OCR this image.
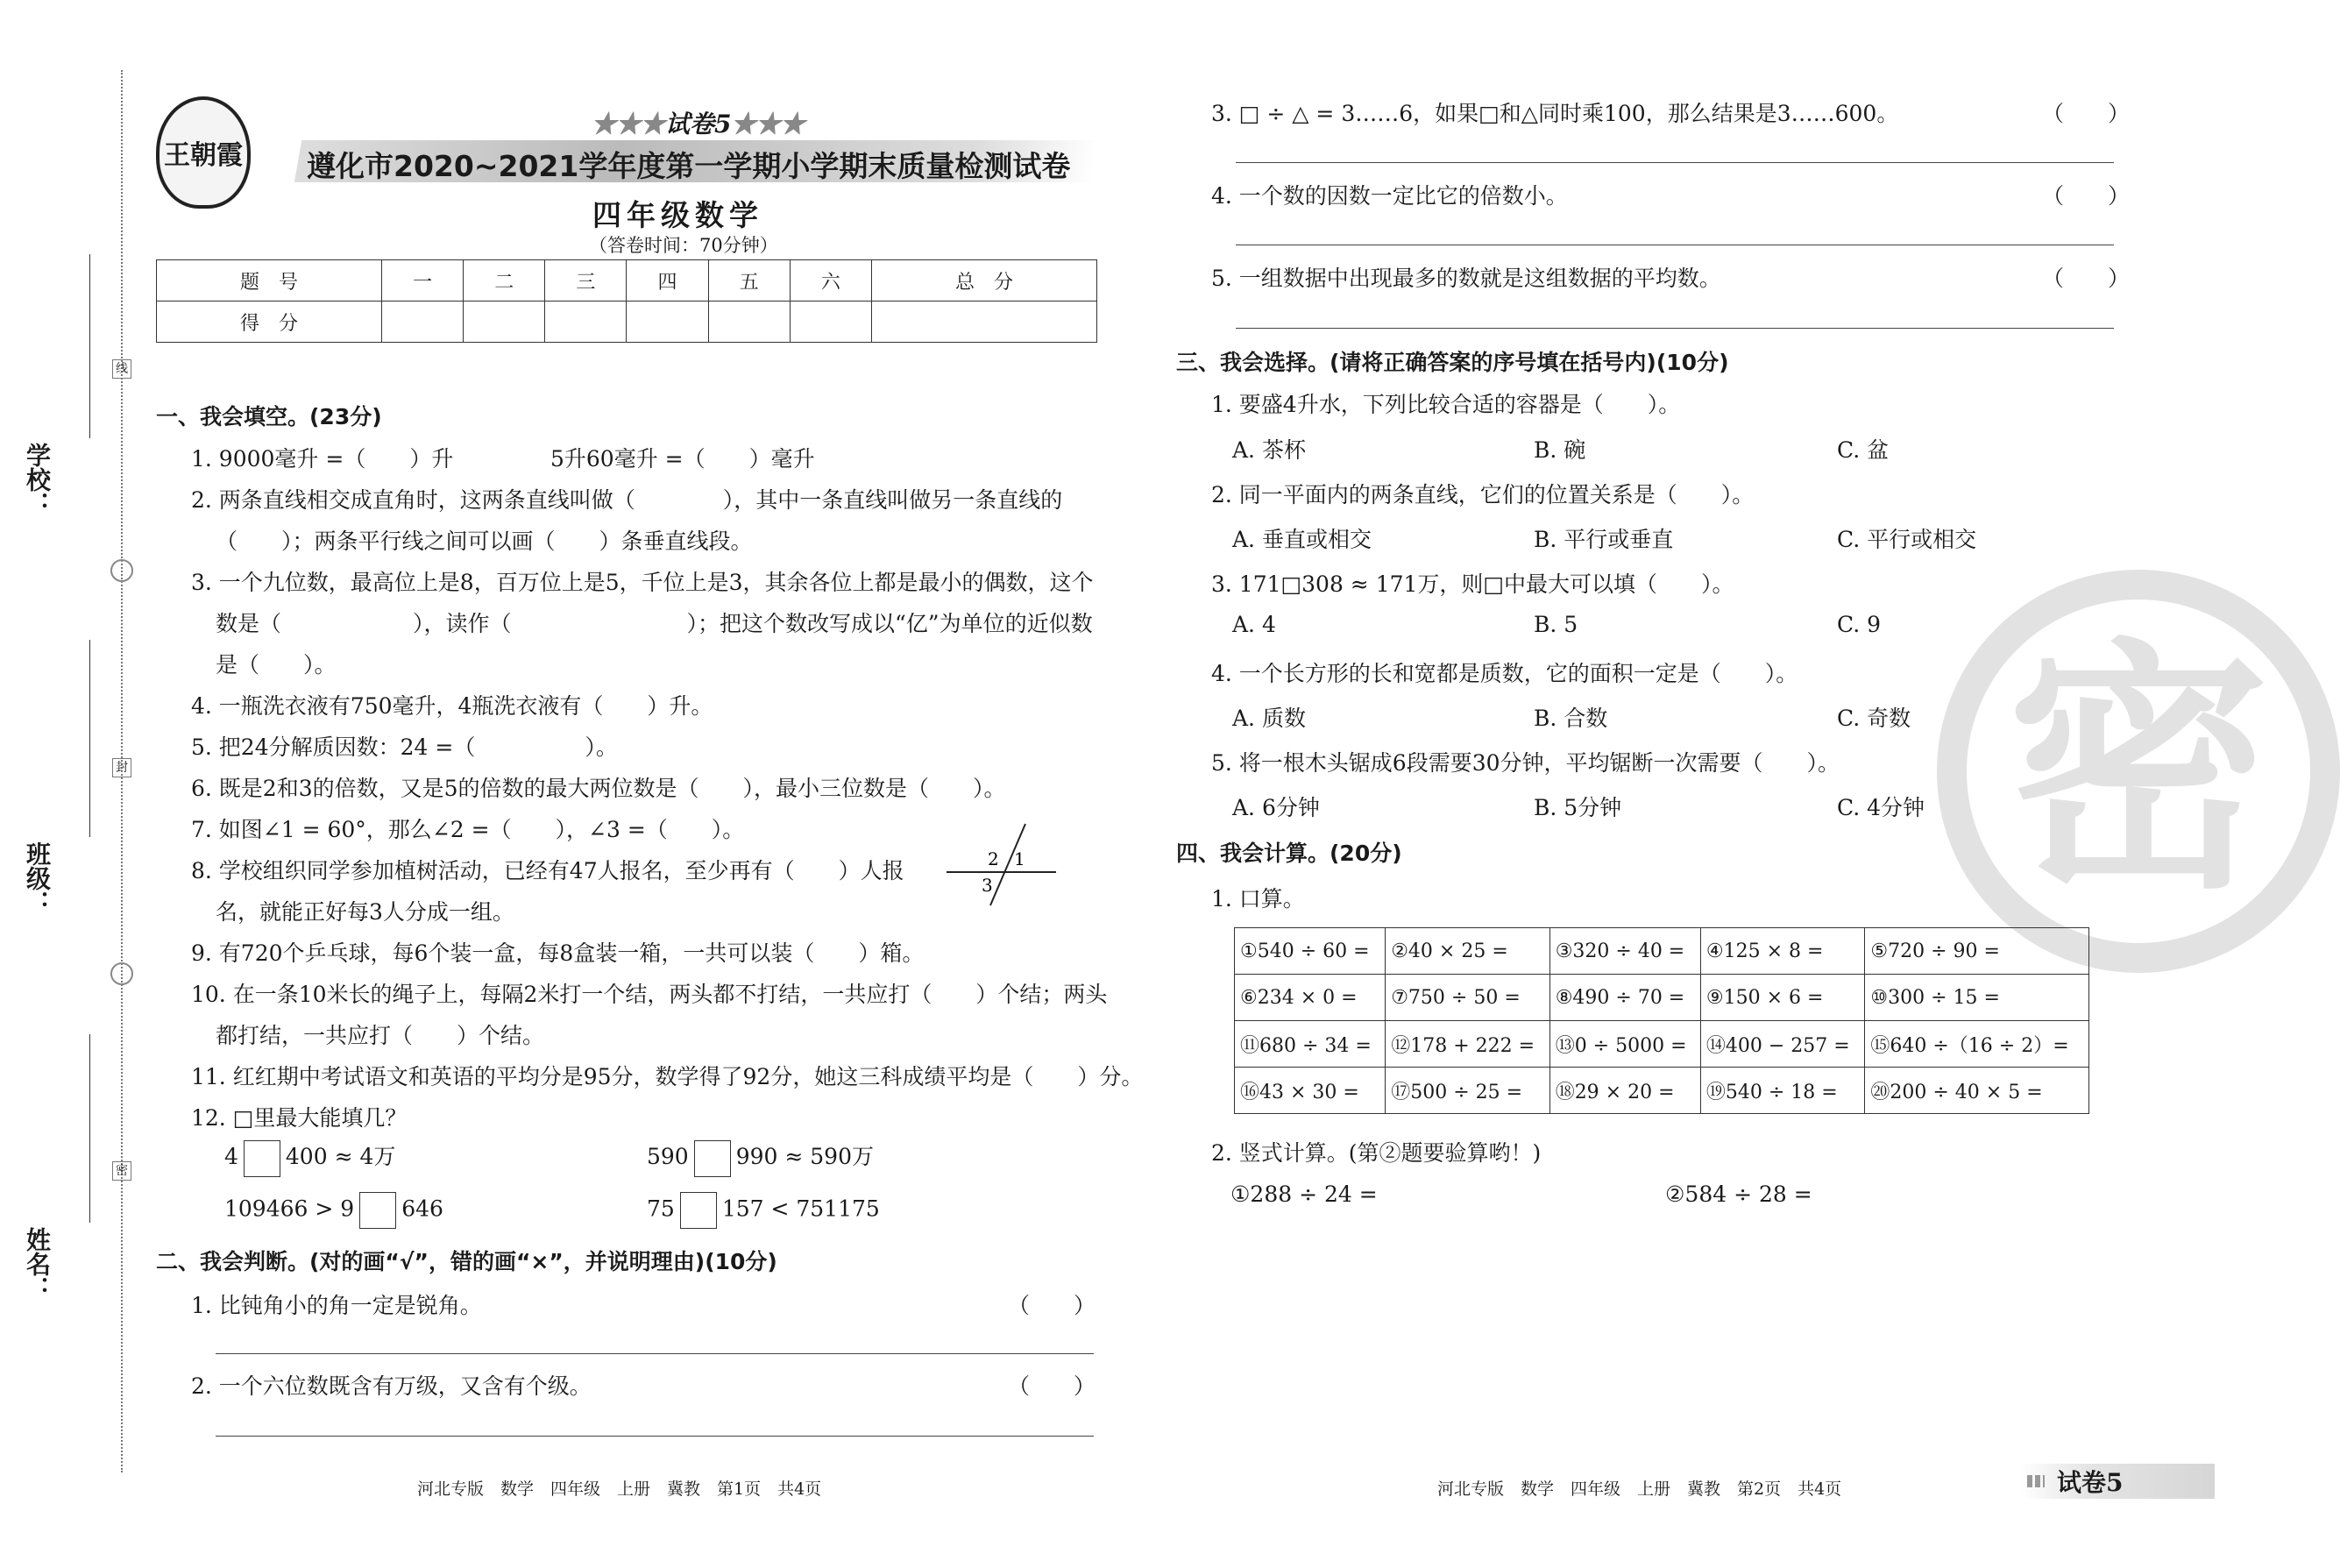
学校：
班级：
姓名：
线
封
密
王朝霞
★★★试卷5★★★
遵化市2020~2021学年度第一学期小学期末质量检测试卷
四年级数学
（答卷时间：70分钟）
题　号	一	二	三	四	五	六	总　分
得　分							
一、我会填空。(23分)
1. 9000毫升 =（　　）升	5升60毫升 =（　　）毫升
2. 两条直线相交成直角时，这两条直线叫做（　　　　），其中一条直线叫做另一条直线的
（　　）；两条平行线之间可以画（　　）条垂直线段。
3. 一个九位数，最高位上是8，百万位上是5，千位上是3，其余各位上都是最小的偶数，这个
数是（　　　　　　），读作（　　　　　　　　）；把这个数改写成以“亿”为单位的近似数
是（　　）。
4. 一瓶洗衣液有750毫升，4瓶洗衣液有（　　）升。
5. 把24分解质因数：24 =（　　　　　）。
6. 既是2和3的倍数，又是5的倍数的最大两位数是（　　），最小三位数是（　　）。
7. 如图∠1 = 60°，那么∠2 =（　　），∠3 =（　　）。
8. 学校组织同学参加植树活动，已经有47人报名，至少再有（　　）人报
名，就能正好每3人分成一组。
2 1
3
9. 有720个乒乓球，每6个装一盒，每8盒装一箱，一共可以装（　　）箱。
10. 在一条10米长的绳子上，每隔2米打一个结，两头都不打结，一共应打（　　）个结；两头
都打结，一共应打（　　）个结。
11. 红红期中考试语文和英语的平均分是95分，数学得了92分，她这三科成绩平均是（　　）分。
12. □里最大能填几？
4 400 ≈ 4万	590 990 ≈ 590万
109466 > 9 646	75 157 < 751175
二、我会判断。(对的画“√”，错的画“×”，并说明理由)(10分)
1. 比钝角小的角一定是锐角。	（　　）
2. 一个六位数既含有万级，又含有个级。	（　　）
河北专版　数学　四年级　上册　冀教　第1页　共4页
3. □ ÷ △ = 3……6，如果□和△同时乘100，那么结果是3……600。	（　　）
4. 一个数的因数一定比它的倍数小。	（　　）
5. 一组数据中出现最多的数就是这组数据的平均数。	（　　）
密
三、我会选择。(请将正确答案的序号填在括号内)(10分)
1. 要盛4升水，下列比较合适的容器是（　　）。
A. 茶杯	B. 碗	C. 盆
2. 同一平面内的两条直线，它们的位置关系是（　　）。
A. 垂直或相交	B. 平行或垂直	C. 平行或相交
3. 171□308 ≈ 171万，则□中最大可以填（　　）。
A. 4	B. 5	C. 9
4. 一个长方形的长和宽都是质数，它的面积一定是（　　）。
A. 质数	B. 合数	C. 奇数
5. 将一根木头锯成6段需要30分钟，平均锯断一次需要（　　）。
A. 6分钟	B. 5分钟	C. 4分钟
四、我会计算。(20分)
1. 口算。
①540 ÷ 60 =	②40 × 25 =	③320 ÷ 40 =	④125 × 8 =	⑤720 ÷ 90 =
⑥234 × 0 =	⑦750 ÷ 50 =	⑧490 ÷ 70 =	⑨150 × 6 =	⑩300 ÷ 15 =
⑪680 ÷ 34 =	⑫178 + 222 =	⑬0 ÷ 5000 =	⑭400 − 257 =	⑮640 ÷（16 ÷ 2）=
⑯43 × 30 =	⑰500 ÷ 25 =	⑱29 × 20 =	⑲540 ÷ 18 =	⑳200 ÷ 40 × 5 =
2. 竖式计算。(第②题要验算哟！)
①288 ÷ 24 =	②584 ÷ 28 =
河北专版　数学　四年级　上册　冀教　第2页　共4页	试卷5
